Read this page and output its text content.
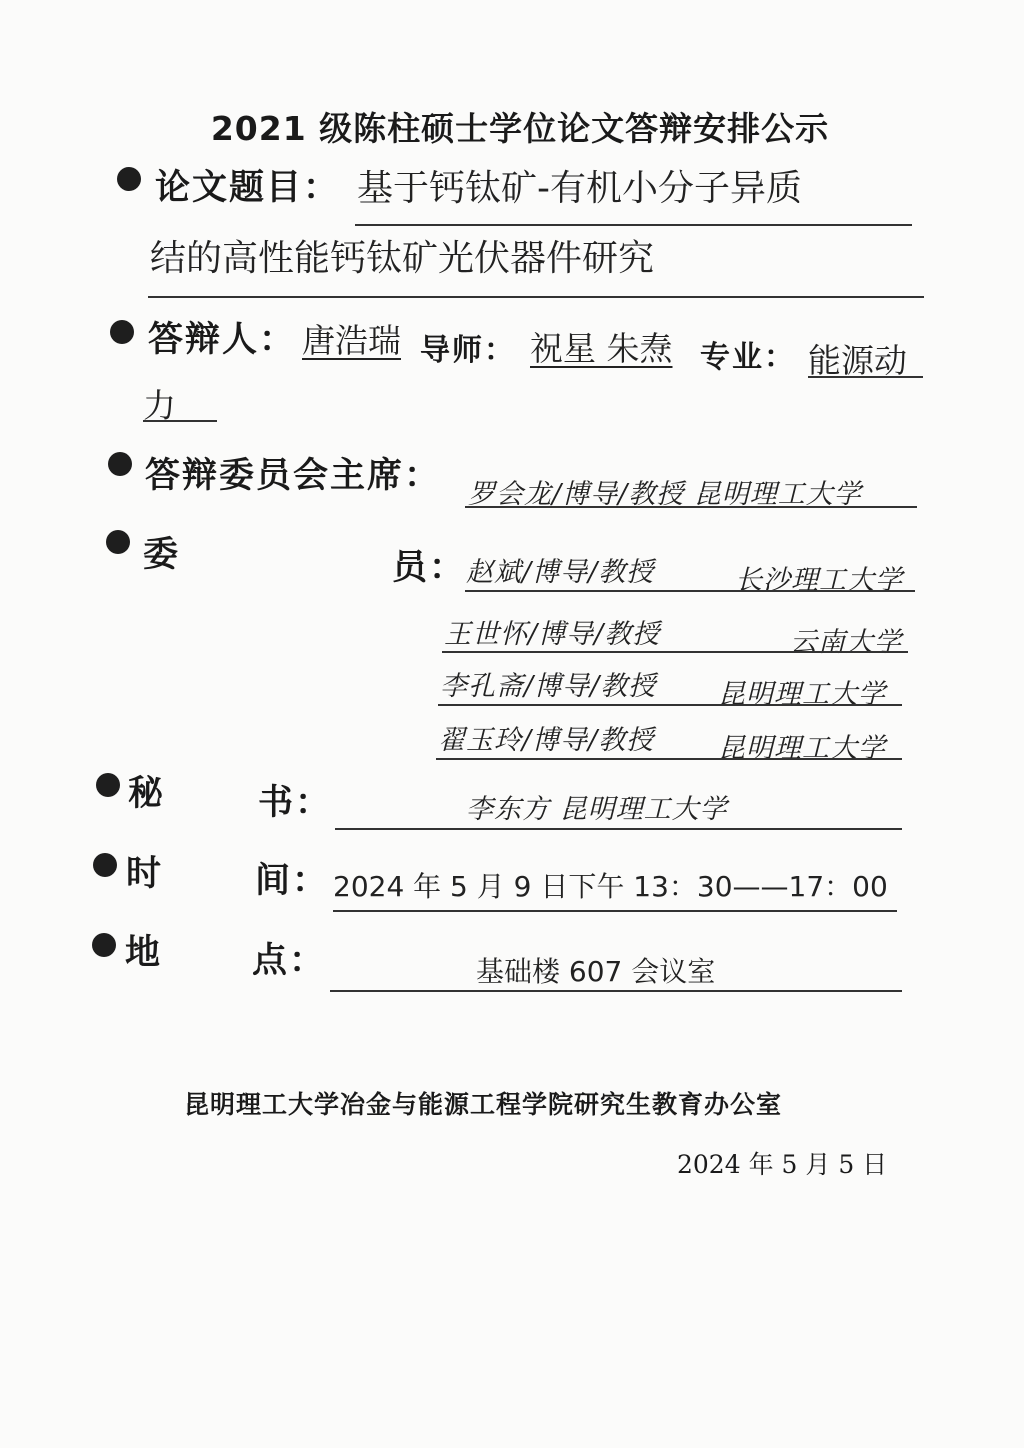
2021 级陈柱硕士学位论文答辩安排公示
论文题目： 基于钙钛矿-有机小分子异质
结的高性能钙钛矿光伏器件研究
答辩人： 唐浩瑞 导师： 祝星 朱焘 专业： 能源动
力
答辩委员会主席： 罗会龙/博导/教授 昆明理工大学
委	员： 赵斌/博导/教授	长沙理工大学
王世怀/博导/教授	云南大学
李孔斋/博导/教授 昆明理工大学
翟玉玲/博导/教授 昆明理工大学
秘	书：	李东方 昆明理工大学
时	间： 2024 年 5 月 9 日下午 13：30——17：00
地	点：	基础楼 607 会议室
昆明理工大学冶金与能源工程学院研究生教育办公室
2024 年 5 月 5 日
